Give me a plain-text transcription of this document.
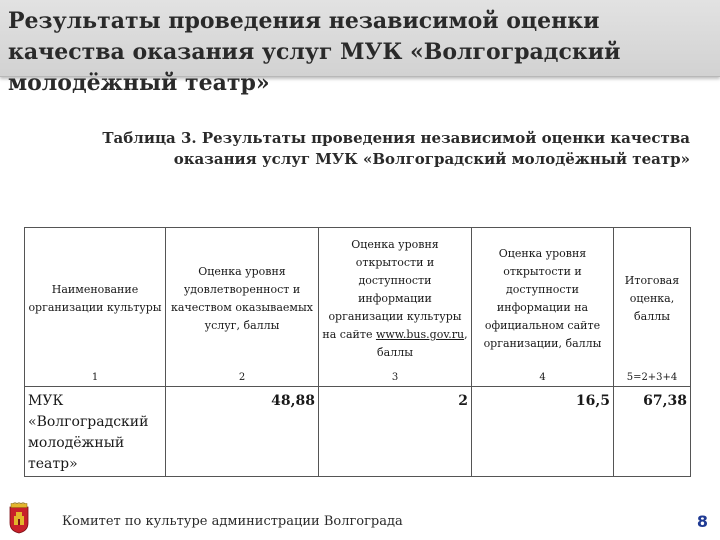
Результаты проведения независимой оценки качества оказания услуг МУК «Волгоградский молодёжный театр»
Таблица 3. Результаты проведения независимой оценки качества
оказания услуг МУК «Волгоградский молодёжный театр»
Наименование организации культуры	Оценка уровня удовлетворенност и качеством оказываемых услуг, баллы	Оценка уровня открытости и доступности информации организации культуры на сайте www.bus.gov.ru, баллы	Оценка уровня открытости и доступности информации на официальном сайте организации, баллы	Итоговая оценка, баллы
1	2	3	4	5=2+3+4
МУК «Волгоградский молодёжный театр»	48,88	2	16,5	67,38
Комитет по культуре администрации Волгограда	8
